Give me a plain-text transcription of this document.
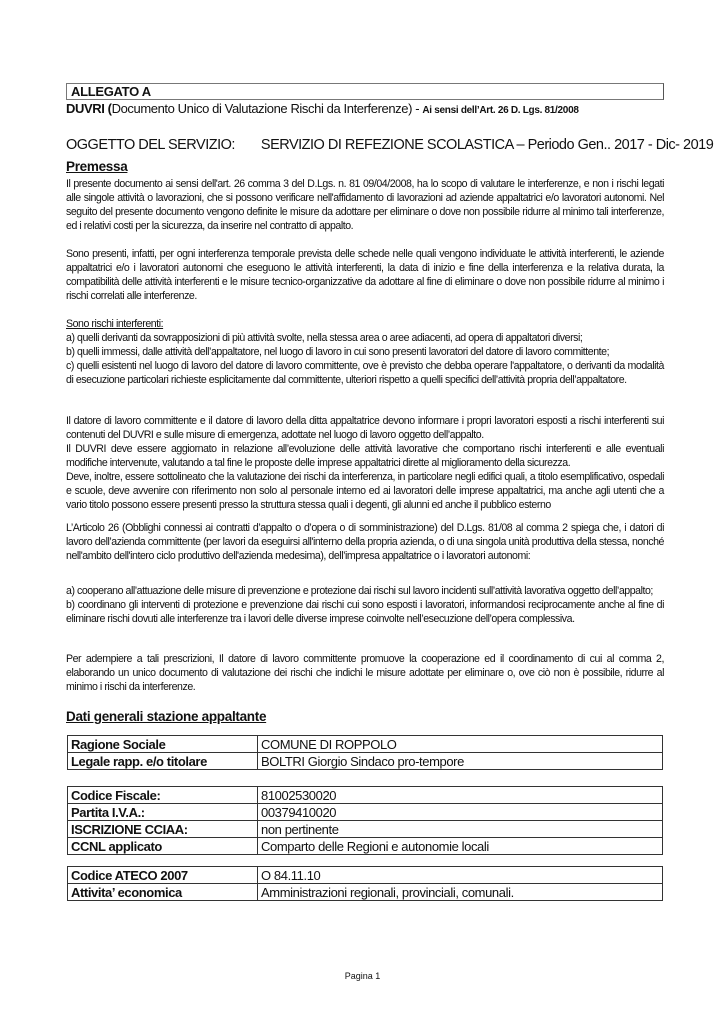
ALLEGATO A
DUVRI (Documento Unico di Valutazione Rischi da Interferenze) - Ai sensi dell’Art. 26 D. Lgs. 81/2008
OGGETTO DEL SERVIZIO: SERVIZIO DI REFEZIONE SCOLASTICA – Periodo Gen.. 2017 - Dic- 2019
Premessa

Il presente documento ai sensi dell'art. 26 comma 3 del D.Lgs. n. 81 09/04/2008, ha lo scopo di valutare le interferenze, e non i rischi legati alle singole attività o lavorazioni, che si possono verificare nell'affidamento di lavorazioni ad aziende appaltatrici e/o lavoratori autonomi. Nel seguito del presente documento vengono definite le misure da adottare per eliminare o dove non possibile ridurre al minimo tali interferenze, ed i relativi costi per la sicurezza, da inserire nel contratto di appalto.

Sono presenti, infatti, per ogni interferenza temporale prevista delle schede nelle quali vengono individuate le attività interferenti, le aziende appaltatrici e/o i lavoratori autonomi che eseguono le attività interferenti, la data di inizio e fine della interferenza e la relativa durata, la compatibilità delle attività interferenti e le misure tecnico-organizzative da adottare al fine di eliminare o dove non possibile ridurre al minimo i rischi correlati alle interferenze.

Sono rischi interferenti:
a) quelli derivanti da sovrapposizioni di più attività svolte, nella stessa area o aree adiacenti, ad opera di appaltatori diversi;
b) quelli immessi, dalle attività dell’appaltatore, nel luogo di lavoro in cui sono presenti lavoratori del datore di lavoro committente;
c) quelli esistenti nel luogo di lavoro del datore di lavoro committente, ove è previsto che debba operare l'appaltatore, o derivanti da modalità di esecuzione particolari richieste esplicitamente dal committente, ulteriori rispetto a quelli specifici dell’attività propria dell’appaltatore.
Il datore di lavoro committente e il datore di lavoro della ditta appaltatrice devono informare i propri lavoratori esposti a rischi interferenti sui contenuti del DUVRI e sulle misure di emergenza, adottate nel luogo di lavoro oggetto dell’appalto.
Il DUVRI deve essere aggiornato in relazione all’evoluzione delle attività lavorative che comportano rischi interferenti e alle eventuali modifiche intervenute, valutando a tal fine le proposte delle imprese appaltatrici dirette al miglioramento della sicurezza.
Deve, inoltre, essere sottolineato che la valutazione dei rischi da interferenza, in particolare negli edifici quali, a titolo esemplificativo, ospedali e scuole, deve avvenire con riferimento non solo al personale interno ed ai lavoratori delle imprese appaltatrici, ma anche agli utenti che a vario titolo possono essere presenti presso la struttura stessa quali i degenti, gli alunni ed anche il pubblico esterno

L’Articolo 26 (Obblighi connessi ai contratti d’appalto o d’opera o di somministrazione) del D.Lgs. 81/08 al comma 2 spiega che, i datori di lavoro dell’azienda committente (per lavori da eseguirsi all'interno della propria azienda, o di una singola unità produttiva della stessa, nonché nell'ambito dell'intero ciclo produttivo dell'azienda medesima), dell’impresa appaltatrice o i lavoratori autonomi:

a) cooperano all’attuazione delle misure di prevenzione e protezione dai rischi sul lavoro incidenti sull’attività lavorativa oggetto dell’appalto;
b) coordinano gli interventi di protezione e prevenzione dai rischi cui sono esposti i lavoratori, informandosi reciprocamente anche al fine di eliminare rischi dovuti alle interferenze tra i lavori delle diverse imprese coinvolte nell’esecuzione dell’opera complessiva.

Per adempiere a tali prescrizioni, Il datore di lavoro committente promuove la cooperazione ed il coordinamento di cui al comma 2, elaborando un unico documento di valutazione dei rischi che indichi le misure adottate per eliminare o, ove ciò non è possibile, ridurre al minimo i rischi da interferenze.

Dati generali stazione appaltante
Ragione Sociale	COMUNE DI ROPPOLO
Legale rapp. e/o titolare	BOLTRI Giorgio Sindaco pro-tempore
Codice Fiscale:	81002530020
Partita I.V.A.:	00379410020
ISCRIZIONE CCIAA:	non pertinente
CCNL applicato	Comparto delle Regioni e autonomie locali
Codice ATECO 2007	O 84.11.10
Attivita’ economica	Amministrazioni regionali, provinciali, comunali.
Pagina 1
